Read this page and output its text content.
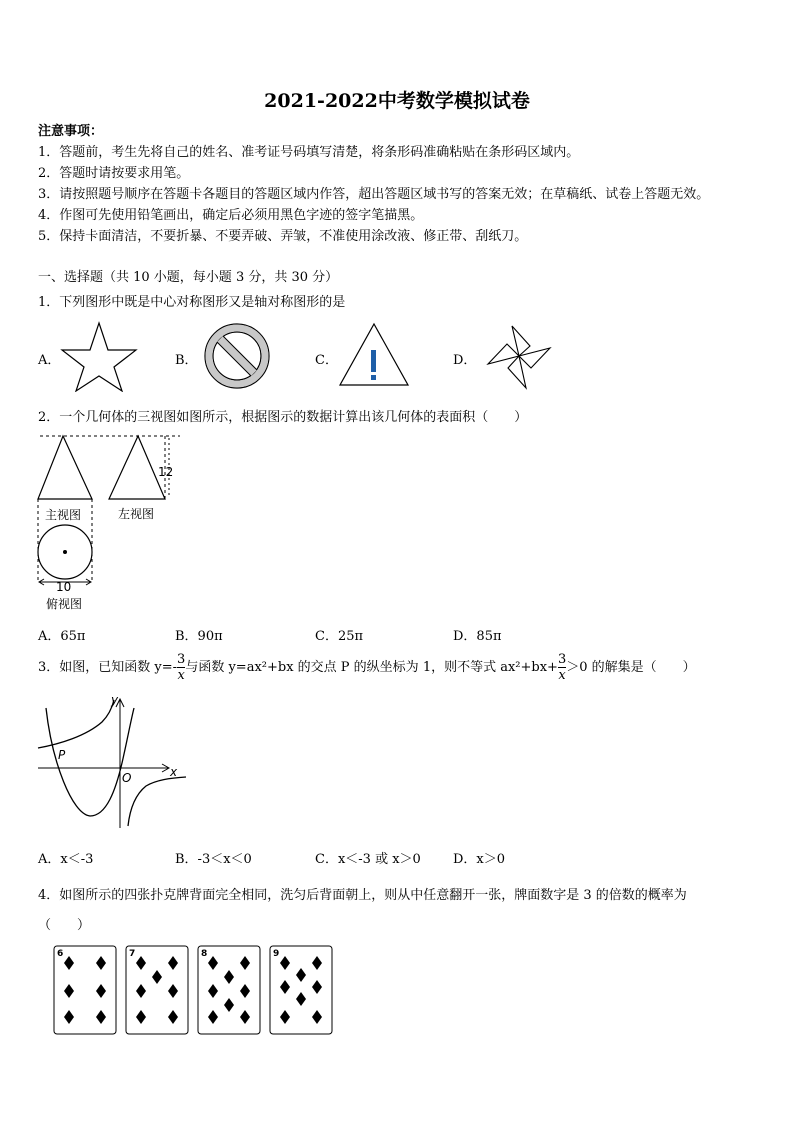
2021-2022中考数学模拟试卷
注意事项：
1．答题前，考生先将自己的姓名、准考证号码填写清楚，将条形码准确粘贴在条形码区域内。
2．答题时请按要求用笔。
3．请按照题号顺序在答题卡各题目的答题区域内作答，超出答题区域书写的答案无效；在草稿纸、试卷上答题无效。
4．作图可先使用铅笔画出，确定后必须用黑色字迹的签字笔描黑。
5．保持卡面清洁，不要折暴、不要弄破、弄皱，不准使用涂改液、修正带、刮纸刀。
一、选择题（共 10 小题，每小题 3 分，共 30 分）
1．下列图形中既是中心对称图形又是轴对称图形的是
A．	B．	C．	D．
2．一个几何体的三视图如图所示，根据图示的数据计算出该几何体的表面积（　　）
12
10
主视图	左视图
俯视图
A．65π	B．90π	C．25π	D．85π
3．如图，已知函数 $y=- \frac{3}{x}$ 与函数 y=ax²+bx 的交点 P 的纵坐标为 1，则不等式 $ax^2+bx+ \frac{3}{x} >0$ 的解集是（　　）
y
x
O
P
A．x＜-3	B．-3＜x＜0	C．x＜-3 或 x＞0 D．x＞0
4．如图所示的四张扑克牌背面完全相同，洗匀后背面朝上，则从中任意翻开一张，牌面数字是 3 的倍数的概率为
（　　）
6	7	8	9
